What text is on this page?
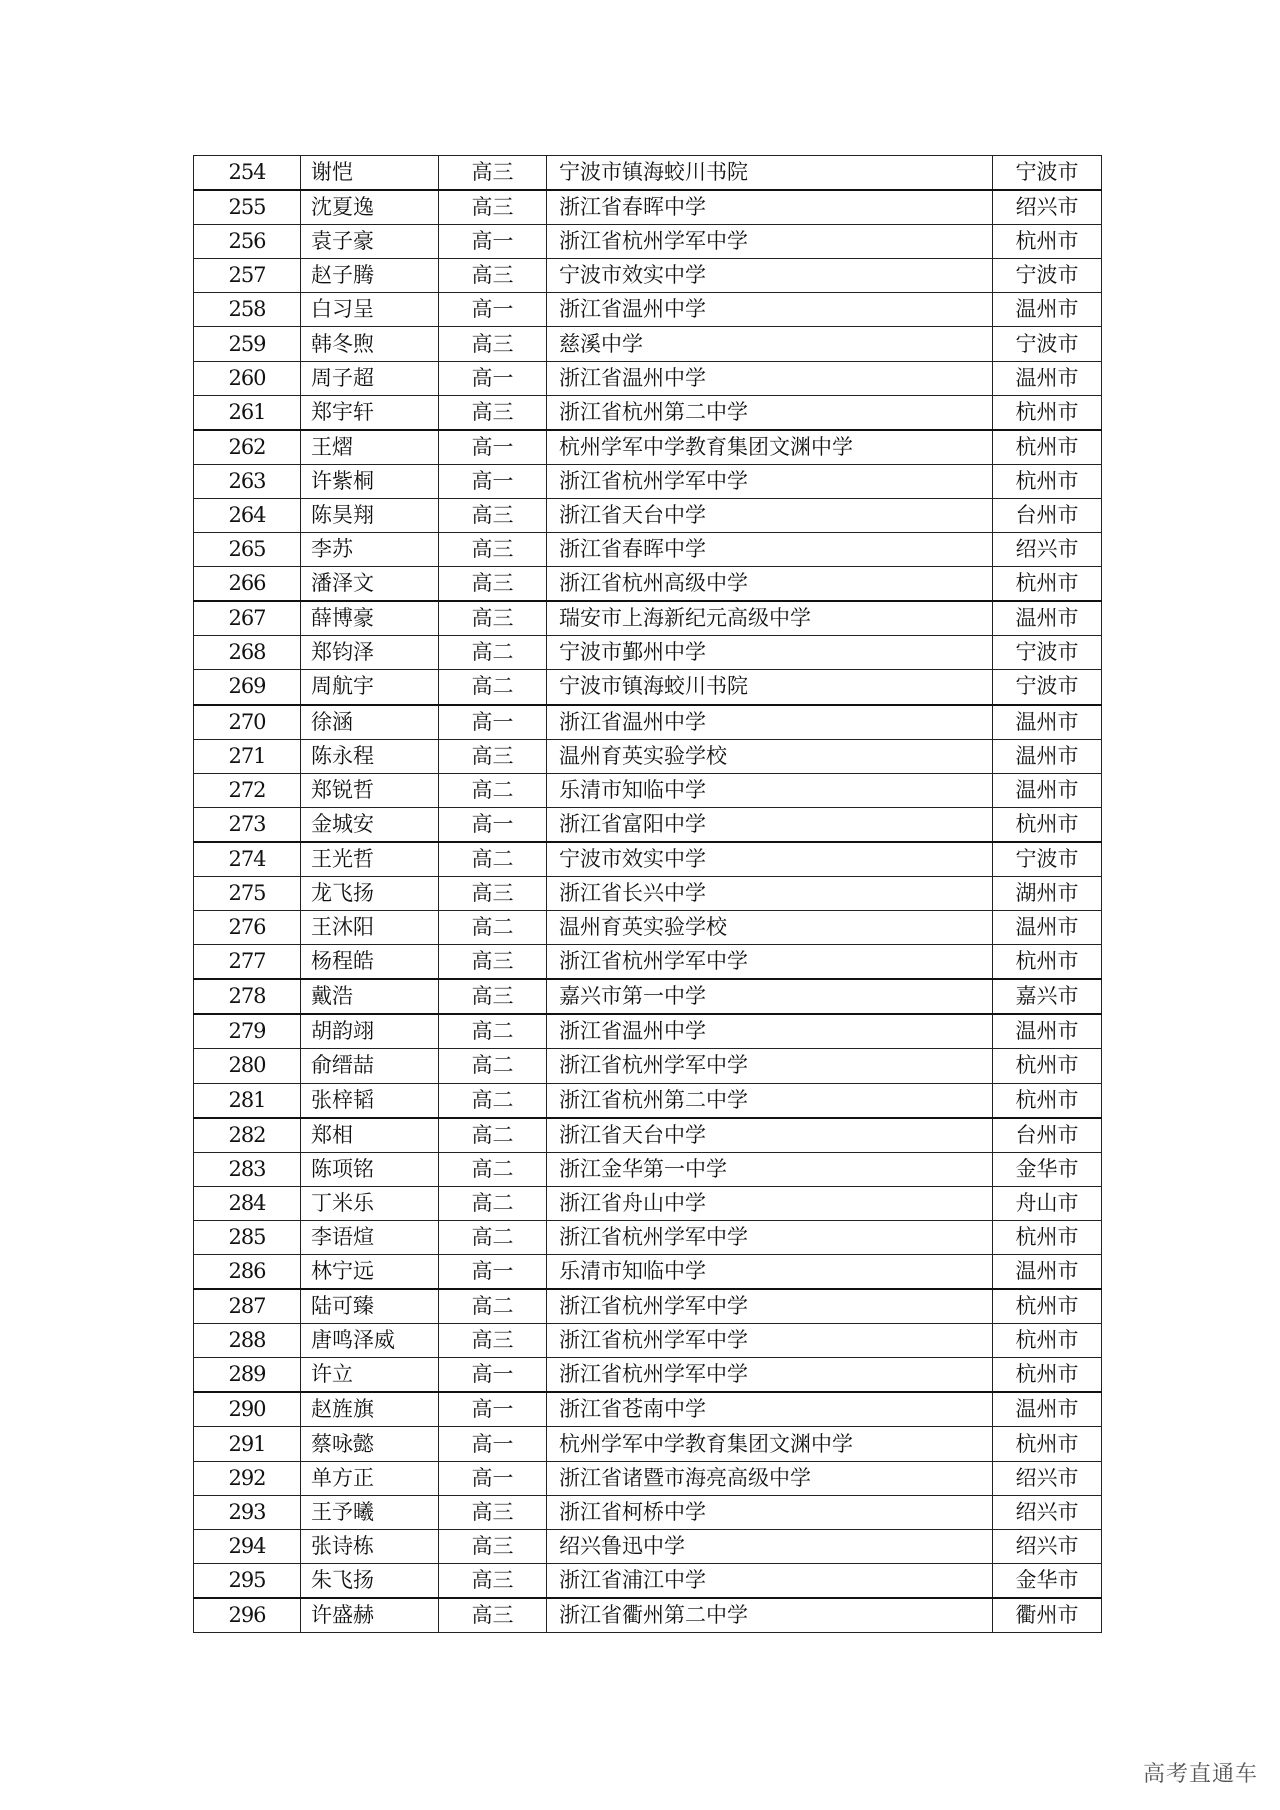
254	谢恺	高三	宁波市镇海蛟川书院	宁波市
255	沈夏逸	高三	浙江省春晖中学	绍兴市
256	袁子豪	高一	浙江省杭州学军中学	杭州市
257	赵子腾	高三	宁波市效实中学	宁波市
258	白习呈	高一	浙江省温州中学	温州市
259	韩冬煦	高三	慈溪中学	宁波市
260	周子超	高一	浙江省温州中学	温州市
261	郑宇轩	高三	浙江省杭州第二中学	杭州市
262	王熠	高一	杭州学军中学教育集团文渊中学	杭州市
263	许紫桐	高一	浙江省杭州学军中学	杭州市
264	陈昊翔	高三	浙江省天台中学	台州市
265	李苏	高三	浙江省春晖中学	绍兴市
266	潘泽文	高三	浙江省杭州高级中学	杭州市
267	薛博豪	高三	瑞安市上海新纪元高级中学	温州市
268	郑钧泽	高二	宁波市鄞州中学	宁波市
269	周航宇	高二	宁波市镇海蛟川书院	宁波市
270	徐涵	高一	浙江省温州中学	温州市
271	陈永程	高三	温州育英实验学校	温州市
272	郑锐哲	高二	乐清市知临中学	温州市
273	金城安	高一	浙江省富阳中学	杭州市
274	王光哲	高二	宁波市效实中学	宁波市
275	龙飞扬	高三	浙江省长兴中学	湖州市
276	王沐阳	高二	温州育英实验学校	温州市
277	杨程皓	高三	浙江省杭州学军中学	杭州市
278	戴浩	高三	嘉兴市第一中学	嘉兴市
279	胡韵翊	高二	浙江省温州中学	温州市
280	俞缙喆	高二	浙江省杭州学军中学	杭州市
281	张梓韬	高二	浙江省杭州第二中学	杭州市
282	郑相	高二	浙江省天台中学	台州市
283	陈项铭	高二	浙江金华第一中学	金华市
284	丁米乐	高二	浙江省舟山中学	舟山市
285	李语煊	高二	浙江省杭州学军中学	杭州市
286	林宁远	高一	乐清市知临中学	温州市
287	陆可臻	高二	浙江省杭州学军中学	杭州市
288	唐鸣泽威	高三	浙江省杭州学军中学	杭州市
289	许立	高一	浙江省杭州学军中学	杭州市
290	赵旌旗	高一	浙江省苍南中学	温州市
291	蔡咏懿	高一	杭州学军中学教育集团文渊中学	杭州市
292	单方正	高一	浙江省诸暨市海亮高级中学	绍兴市
293	王予曦	高三	浙江省柯桥中学	绍兴市
294	张诗栋	高三	绍兴鲁迅中学	绍兴市
295	朱飞扬	高三	浙江省浦江中学	金华市
296	许盛赫	高三	浙江省衢州第二中学	衢州市
高考直通车
